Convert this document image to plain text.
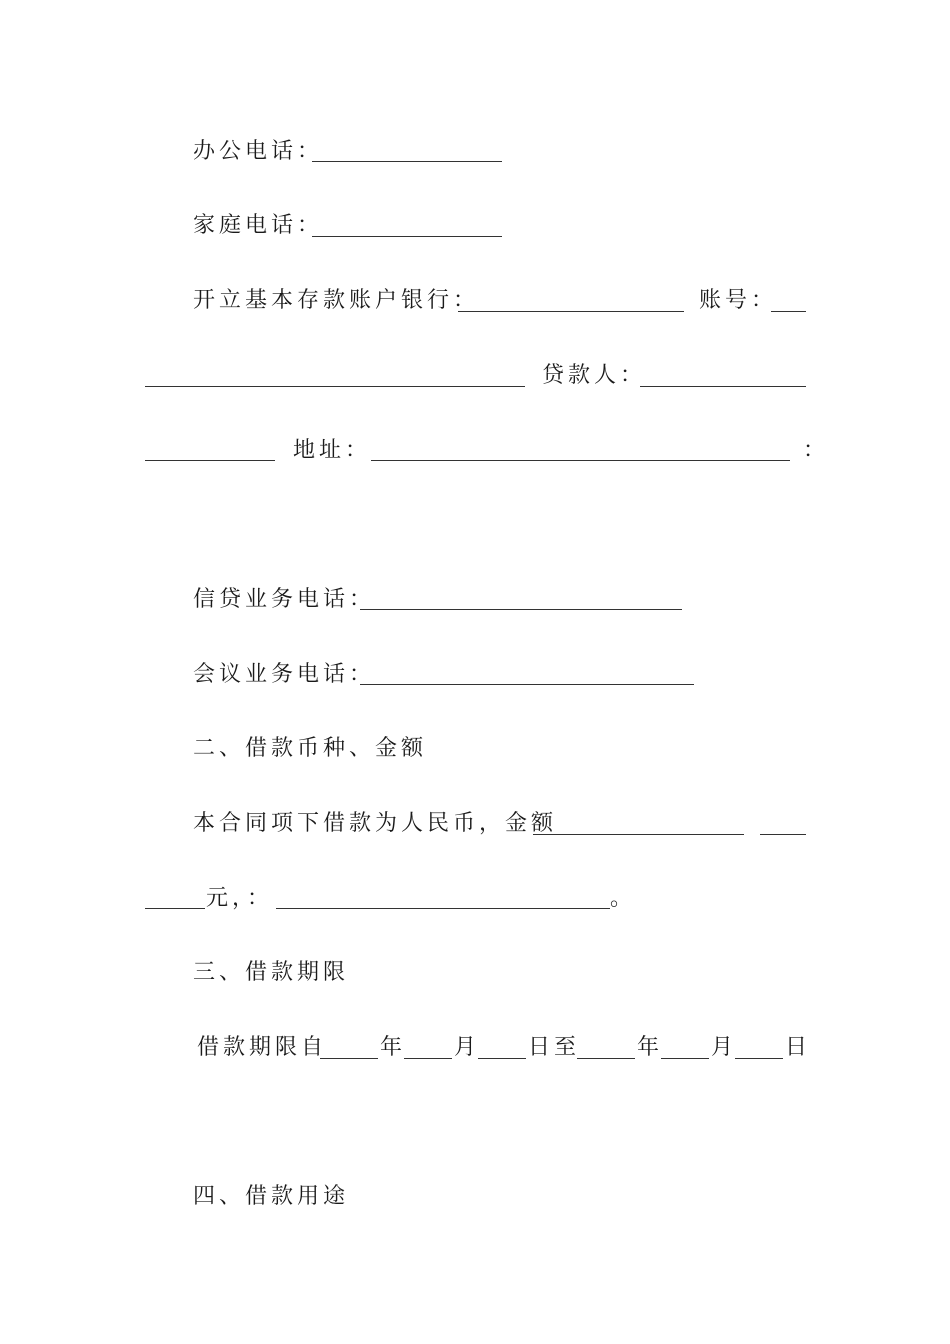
办公电话：
家庭电话：
开立基本存款账户银行：	账号：
贷款人：
地址：	：
信贷业务电话：
会议业务电话：
二、借款币种、金额
本合同项下借款为人民币，金额
元，：	。
三、借款期限
借款期限自 年 月 日至	年 月 日
四、借款用途
